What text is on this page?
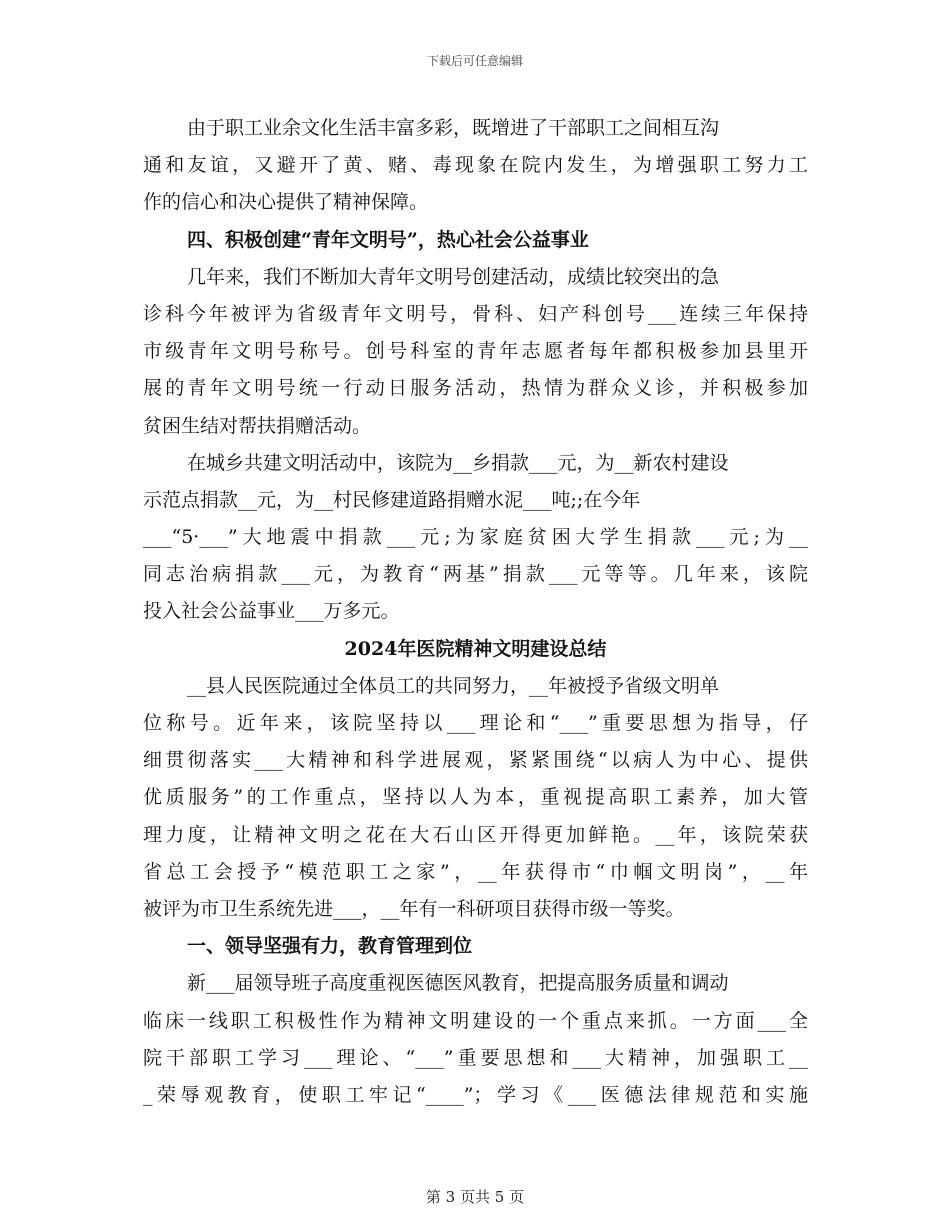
下载后可任意编辑
由于职工业余文化生活丰富多彩，既增进了干部职工之间相互沟
通和友谊，又避开了黄、赌、毒现象在院内发生，为增强职工努力工
作的信心和决心提供了精神保障。
四、积极创建“青年文明号”，热心社会公益事业
几年来，我们不断加大青年文明号创建活动，成绩比较突出的急
诊科今年被评为省级青年文明号，骨科、妇产科创号___连续三年保持
市级青年文明号称号。创号科室的青年志愿者每年都积极参加县里开
展的青年文明号统一行动日服务活动，热情为群众义诊，并积极参加
贫困生结对帮扶捐赠活动。
在城乡共建文明活动中，该院为__乡捐款___元，为__新农村建设
示范点捐款__元，为__村民修建道路捐赠水泥___吨;;在今年
___“5·___”大地震中捐款___元;为家庭贫困大学生捐款___元;为__
同志治病捐款___元，为教育“两基”捐款___元等等。几年来，该院
投入社会公益事业___万多元。
2024年医院精神文明建设总结
__县人民医院通过全体员工的共同努力，__年被授予省级文明单
位称号。近年来，该院坚持以___理论和“___”重要思想为指导，仔
细贯彻落实___大精神和科学进展观，紧紧围绕“以病人为中心、提供
优质服务”的工作重点，坚持以人为本，重视提高职工素养，加大管
理力度，让精神文明之花在大石山区开得更加鲜艳。__年，该院荣获
省总工会授予“模范职工之家”，__年获得市“巾帼文明岗”，__年
被评为市卫生系统先进___，__年有一科研项目获得市级一等奖。
一、领导坚强有力，教育管理到位
新___届领导班子高度重视医德医风教育，把提高服务质量和调动
临床一线职工积极性作为精神文明建设的一个重点来抓。一方面___全
院干部职工学习___理论、“___”重要思想和___大精神，加强职工__
_荣辱观教育，使职工牢记“____”；学习《___医德法律规范和实施
第 3 页共 5 页
